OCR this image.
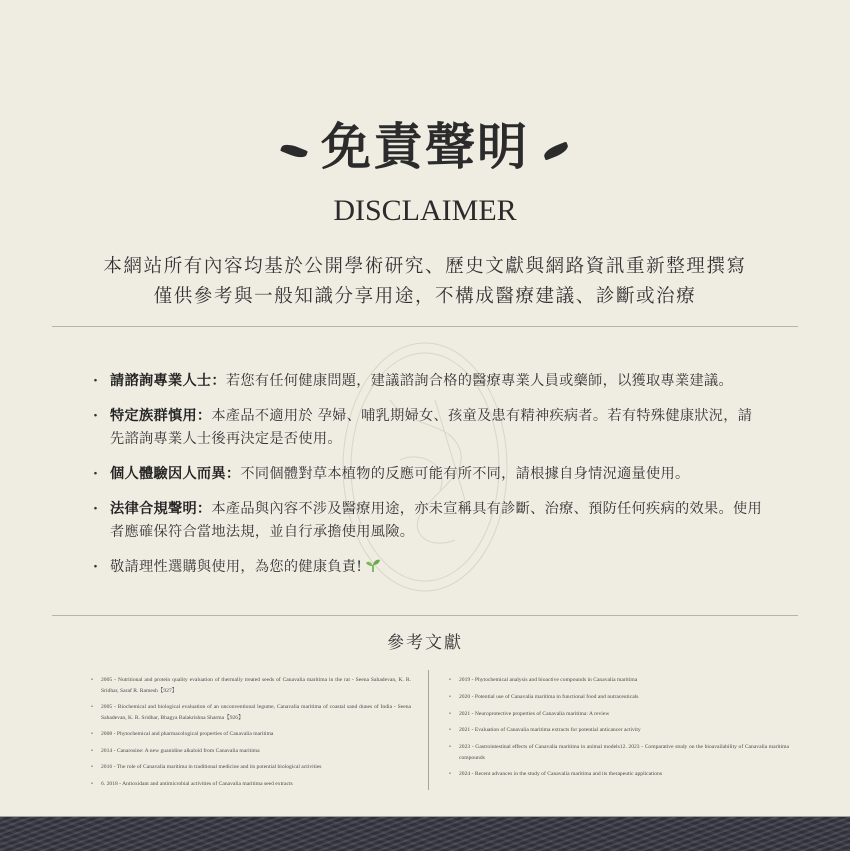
免責聲明
DISCLAIMER
本網站所有內容均基於公開學術研究、歷史文獻與網路資訊重新整理撰寫
僅供參考與一般知識分享用途，不構成醫療建議、診斷或治療
· 請諮詢專業人士：若您有任何健康問題，建議諮詢合格的醫療專業人員或藥師，以獲取專業建議。
· 特定族群慎用：本產品不適用於 孕婦、哺乳期婦女、孩童及患有精神疾病者。若有特殊健康狀況，請先諮詢專業人士後再決定是否使用。
· 個人體驗因人而異：不同個體對草本植物的反應可能有所不同，請根據自身情況適量使用。
· 法律合規聲明：本產品與內容不涉及醫療用途，亦未宣稱具有診斷、治療、預防任何疾病的效果。使用者應確保符合當地法規，並自行承擔使用風險。
· 敬請理性選購與使用，為您的健康負責!
參考文獻
• 2005 - Nutritional and protein quality evaluation of thermally treated seeds of Canavalia maritima in the rat - Seena Sahadevan, K. R. Sridhar, Saraf R. Ramesh【927】
• 2005 - Biochemical and biological evaluation of an unconventional legume, Canavalia maritima of coastal sand dunes of India - Seena Sahadevan, K. R. Sridhar, Bhagya Balakrishna Sharma【926】
• 2008 - Phytochemical and pharmacological properties of Canavalia maritima
• 2014 - Canarosine: A new guanidine alkaloid from Canavalia maritima
• 2016 - The role of Canavalia maritima in traditional medicine and its potential biological activities
• 6. 2018 - Antioxidant and antimicrobial activities of Canavalia maritima seed extracts
• 2019 - Phytochemical analysis and bioactive compounds in Canavalia maritima
• 2020 - Potential use of Canavalia maritima in functional food and nutraceuticals
• 2021 - Neuroprotective properties of Canavalia maritima: A review
• 2021 - Evaluation of Canavalia maritima extracts for potential anticancer activity
• 2023 - Gastrointestinal effects of Canavalia maritima in animal models12. 2023 - Comparative study on the bioavailability of Canavalia maritima compounds
• 2024 - Recent advances in the study of Canavalia maritima and its therapeutic applications
